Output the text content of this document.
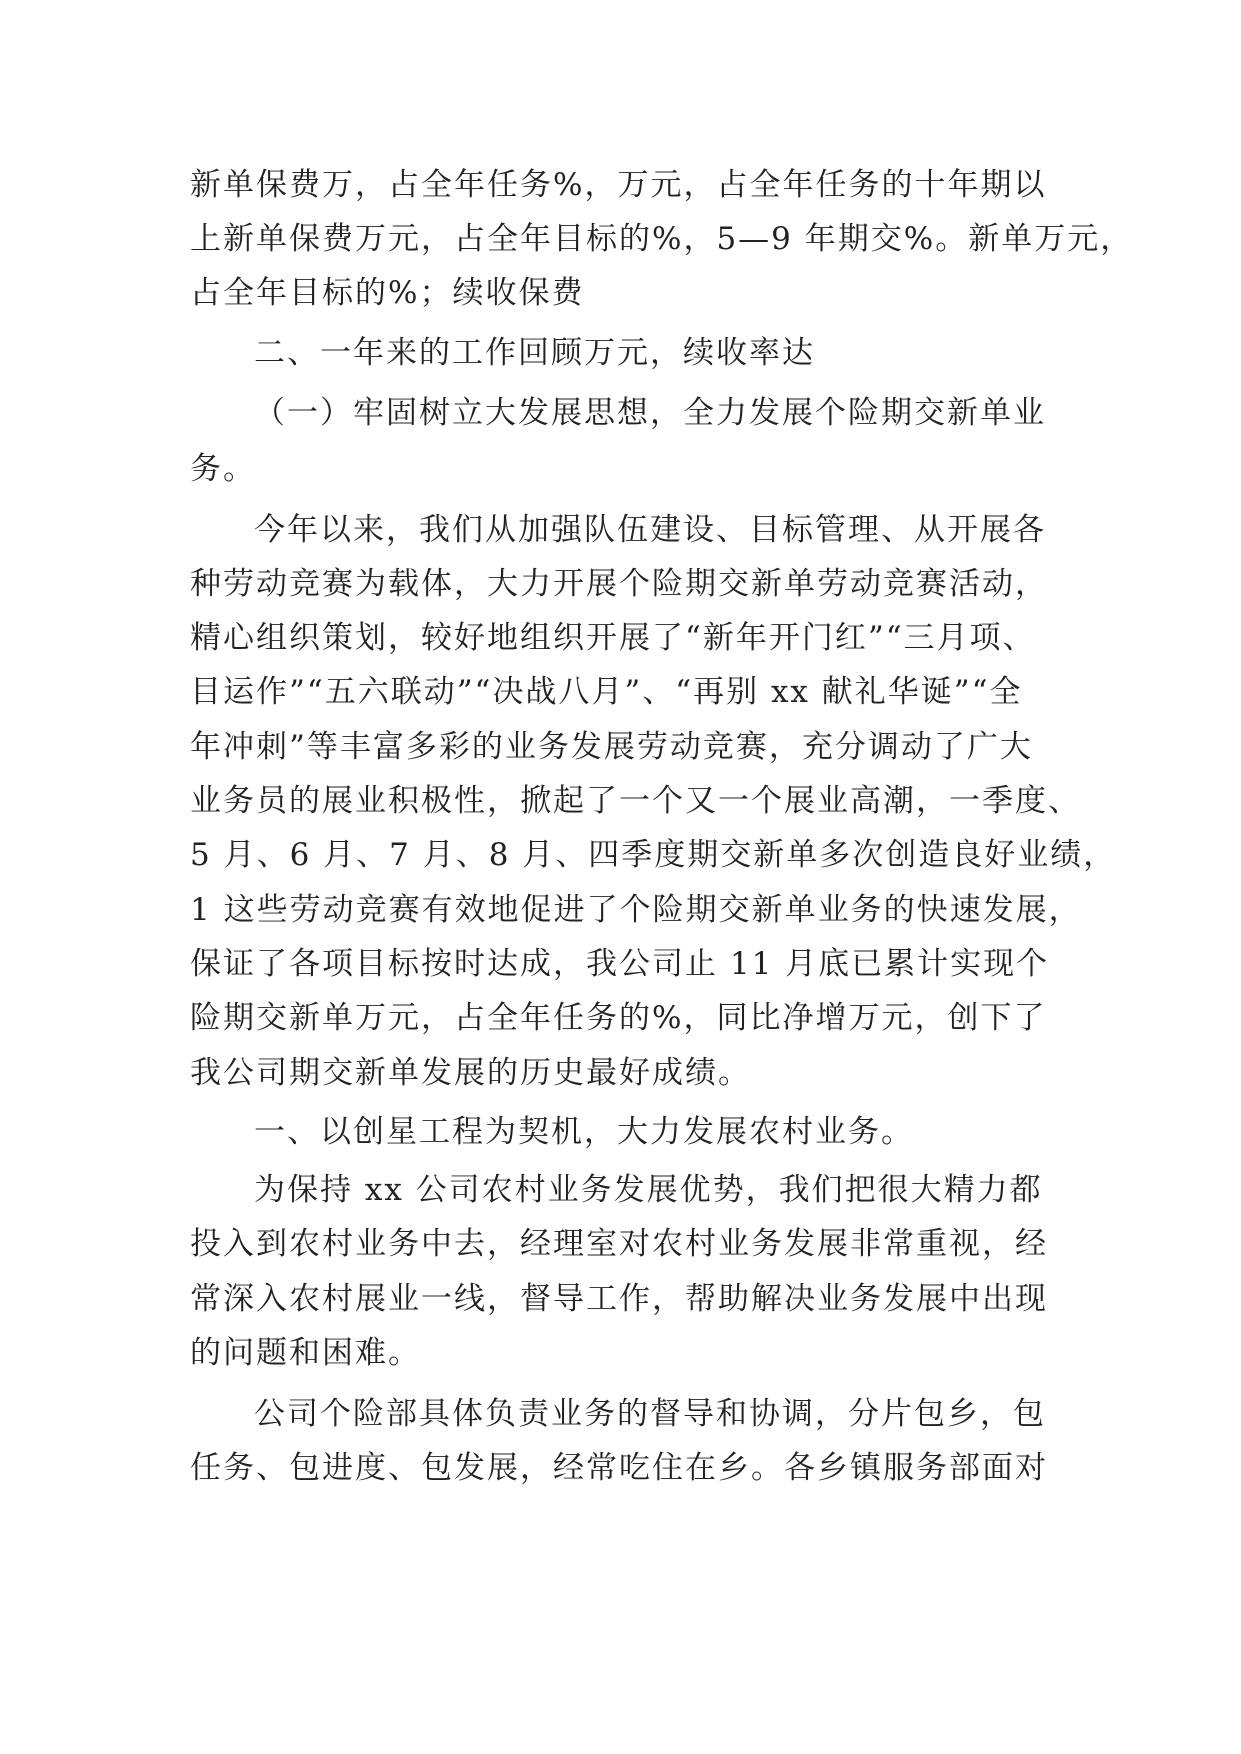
新单保费万，占全年任务%，万元，占全年任务的十年期以
上新单保费万元，占全年目标的%，5—9 年期交%。新单万元，
占全年目标的%；续收保费
二、一年来的工作回顾万元，续收率达
（一）牢固树立大发展思想，全力发展个险期交新单业
务。
今年以来，我们从加强队伍建设、目标管理、从开展各
种劳动竞赛为载体，大力开展个险期交新单劳动竞赛活动，
精心组织策划，较好地组织开展了“新年开门红”“三月项、
目运作”“五六联动”“决战八月”、“再别 xx 献礼华诞”“全
年冲刺”等丰富多彩的业务发展劳动竞赛，充分调动了广大
业务员的展业积极性，掀起了一个又一个展业高潮，一季度、
5 月、6 月、7 月、8 月、四季度期交新单多次创造良好业绩，
1 这些劳动竞赛有效地促进了个险期交新单业务的快速发展，
保证了各项目标按时达成，我公司止 11 月底已累计实现个
险期交新单万元，占全年任务的%，同比净增万元，创下了
我公司期交新单发展的历史最好成绩。
一、以创星工程为契机，大力发展农村业务。
为保持 xx 公司农村业务发展优势，我们把很大精力都
投入到农村业务中去，经理室对农村业务发展非常重视，经
常深入农村展业一线，督导工作，帮助解决业务发展中出现
的问题和困难。
公司个险部具体负责业务的督导和协调，分片包乡，包
任务、包进度、包发展，经常吃住在乡。各乡镇服务部面对
